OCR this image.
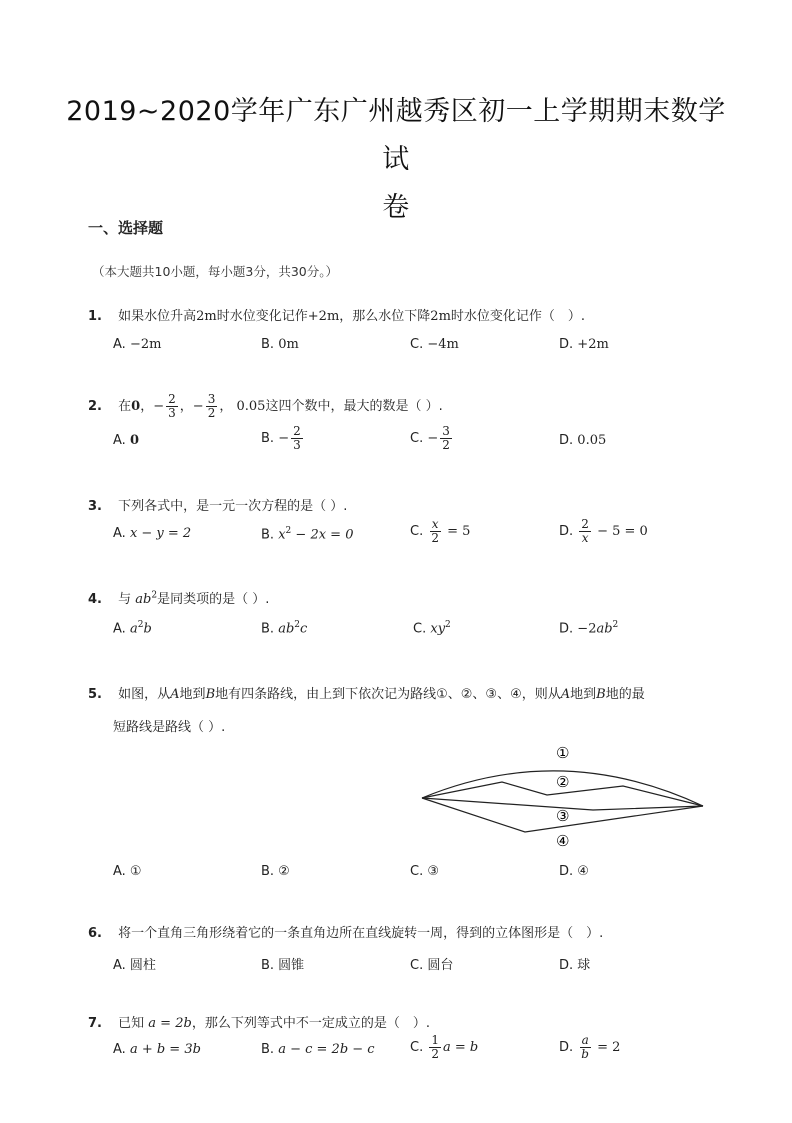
2019~2020学年广东广州越秀区初一上学期期末数学试
卷
一、选择题
（本大题共10小题，每小题3分，共30分。）
1. 如果水位升高2m时水位变化记作+2m，那么水位下降2m时水位变化记作（　）.
A. −2m	B. 0m	C. −4m	D. +2m
2. 在0，− $\frac{2}{3}$ ，− $\frac{3}{2}$ ， 0.05这四个数中，最大的数是（ ）.
A. 0	B. − $\frac{2}{3}$	C. − $\frac{3}{2}$	D. 0.05
3. 下列各式中，是一元一次方程的是（ ）.
A. x − y = 2	B. $x^2 - 2x = 0$	C. $\frac{x}{2} = 5$	D. $\frac{2}{x} - 5 = 0$
4. 与 $ab^2$是同类项的是（ ）.
A. $a^2b$	B. $ab^2c$	C. $xy^2$	D. $-2ab^2$
5. 如图，从A地到B地有四条路线，由上到下依次记为路线①、②、③、④，则从A地到B地的最
短路线是路线（ ）.
①
②
③
④
A. ①	B. ②	C. ③	D. ④
6. 将一个直角三角形绕着它的一条直角边所在直线旋转一周，得到的立体图形是（　）.
A. 圆柱	B. 圆锥	C. 圆台	D. 球
7. 已知 a = 2b，那么下列等式中不一定成立的是（　）.
A. a + b = 3b	B. a − c = 2b − c	C. $\frac{1}{2}$ a = b	D. $\frac{a}{b} = 2$
